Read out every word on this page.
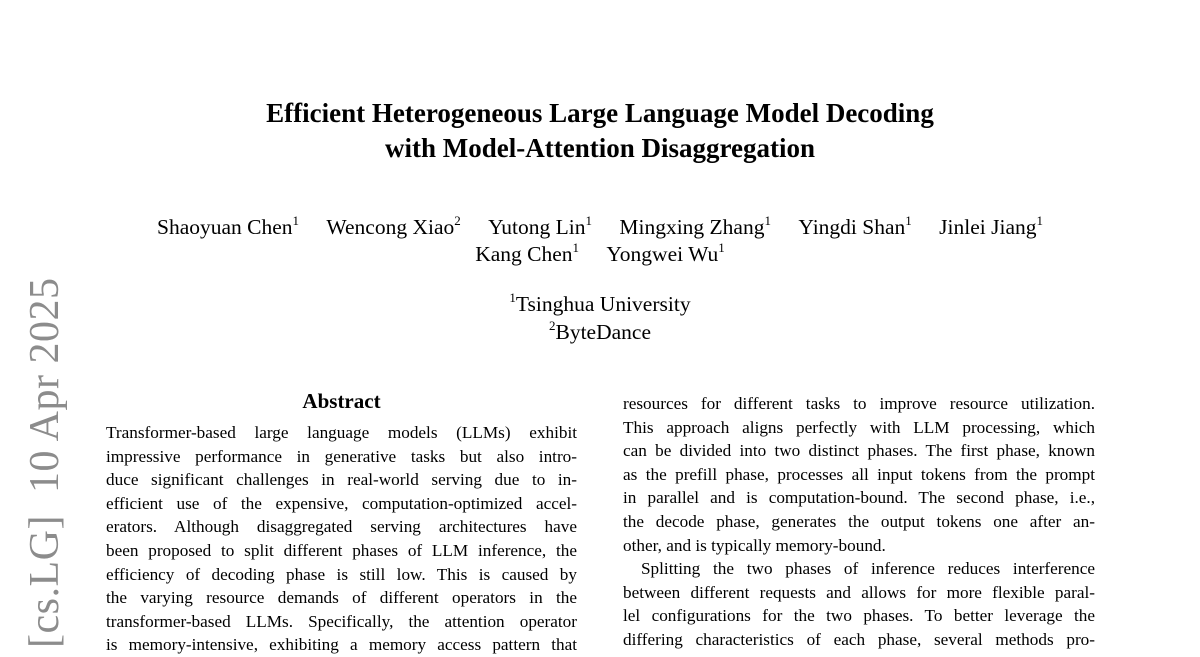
[cs.LG]10 Apr 2025
Efficient Heterogeneous Large Language Model Decoding
with Model-Attention Disaggregation
Shaoyuan Chen$^1$ Wencong Xiao$^2$ Yutong Lin$^1$ Mingxing Zhang$^1$ Yingdi Shan$^1$ Jinlei Jiang$^1$
Kang Chen$^1$ Yongwei Wu$^1$
$^1$Tsinghua University
$^2$ByteDance
Abstract
Transformer-based large language models (LLMs) exhibit
impressive performance in generative tasks but also intro-
duce significant challenges in real-world serving due to in-
efficient use of the expensive, computation-optimized accel-
erators. Although disaggregated serving architectures have
been proposed to split different phases of LLM inference, the
efficiency of decoding phase is still low. This is caused by
the varying resource demands of different operators in the
transformer-based LLMs. Specifically, the attention operator
is memory-intensive, exhibiting a memory access pattern that
resources for different tasks to improve resource utilization.
This approach aligns perfectly with LLM processing, which
can be divided into two distinct phases. The first phase, known
as the prefill phase, processes all input tokens from the prompt
in parallel and is computation-bound. The second phase, i.e.,
the decode phase, generates the output tokens one after an-
other, and is typically memory-bound.
Splitting the two phases of inference reduces interference
between different requests and allows for more flexible paral-
lel configurations for the two phases. To better leverage the
differing characteristics of each phase, several methods pro-
